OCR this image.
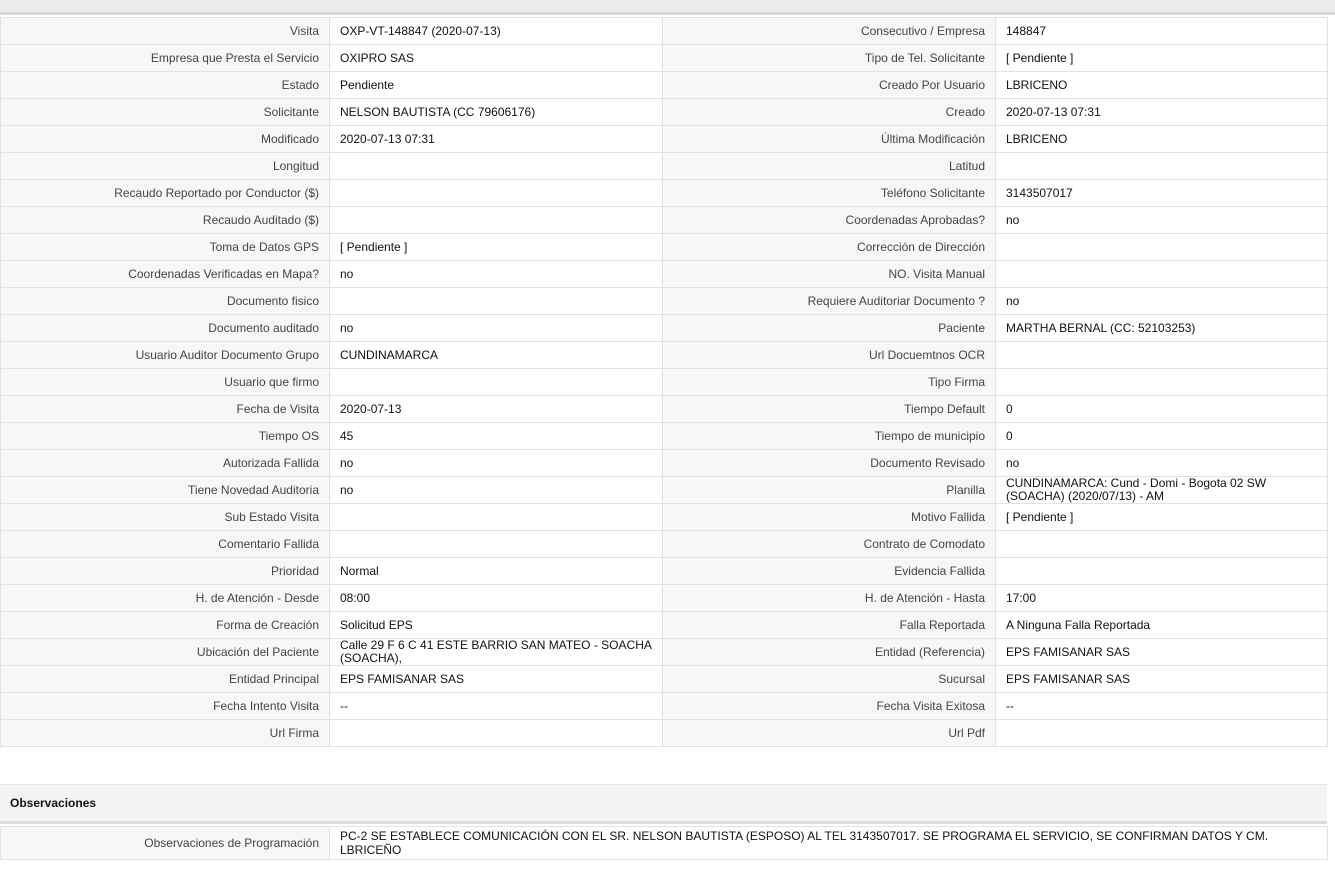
Visita	OXP-VT-148847 (2020-07-13)	Consecutivo / Empresa	148847
Empresa que Presta el Servicio	OXIPRO SAS	Tipo de Tel. Solicitante	[ Pendiente ]
Estado	Pendiente	Creado Por Usuario	LBRICENO
Solicitante	NELSON BAUTISTA (CC 79606176)	Creado	2020-07-13 07:31
Modificado	2020-07-13 07:31	Última Modificación	LBRICENO
Longitud		Latitud	
Recaudo Reportado por Conductor ($)		Teléfono Solicitante	3143507017
Recaudo Auditado ($)		Coordenadas Aprobadas?	no
Toma de Datos GPS	[ Pendiente ]	Corrección de Dirección	
Coordenadas Verificadas en Mapa?	no	NO. Visita Manual	
Documento fisico		Requiere Auditoriar Documento ?	no
Documento auditado	no	Paciente	MARTHA BERNAL (CC: 52103253)
Usuario Auditor Documento Grupo	CUNDINAMARCA	Url Docuemtnos OCR	
Usuario que firmo		Tipo Firma	
Fecha de Visita	2020-07-13	Tiempo Default	0
Tiempo OS	45	Tiempo de municipio	0
Autorizada Fallida	no	Documento Revisado	no
Tiene Novedad Auditoria	no	Planilla	CUNDINAMARCA: Cund - Domi - Bogota 02 SW (SOACHA) (2020/07/13) - AM
Sub Estado Visita		Motivo Fallida	[ Pendiente ]
Comentario Fallida		Contrato de Comodato	
Prioridad	Normal	Evidencia Fallida	
H. de Atención - Desde	08:00	H. de Atención - Hasta	17:00
Forma de Creación	Solicitud EPS	Falla Reportada	A Ninguna Falla Reportada
Ubicación del Paciente	Calle 29 F 6 C 41 ESTE BARRIO SAN MATEO - SOACHA (SOACHA),	Entidad (Referencia)	EPS FAMISANAR SAS
Entidad Principal	EPS FAMISANAR SAS	Sucursal	EPS FAMISANAR SAS
Fecha Intento Visita	--	Fecha Visita Exitosa	--
Url Firma		Url Pdf	
Observaciones
Observaciones de Programación	PC-2 SE ESTABLECE COMUNICACIÓN CON EL SR. NELSON BAUTISTA (ESPOSO) AL TEL 3143507017. SE PROGRAMA EL SERVICIO, SE CONFIRMAN DATOS Y CM. LBRICEÑO
